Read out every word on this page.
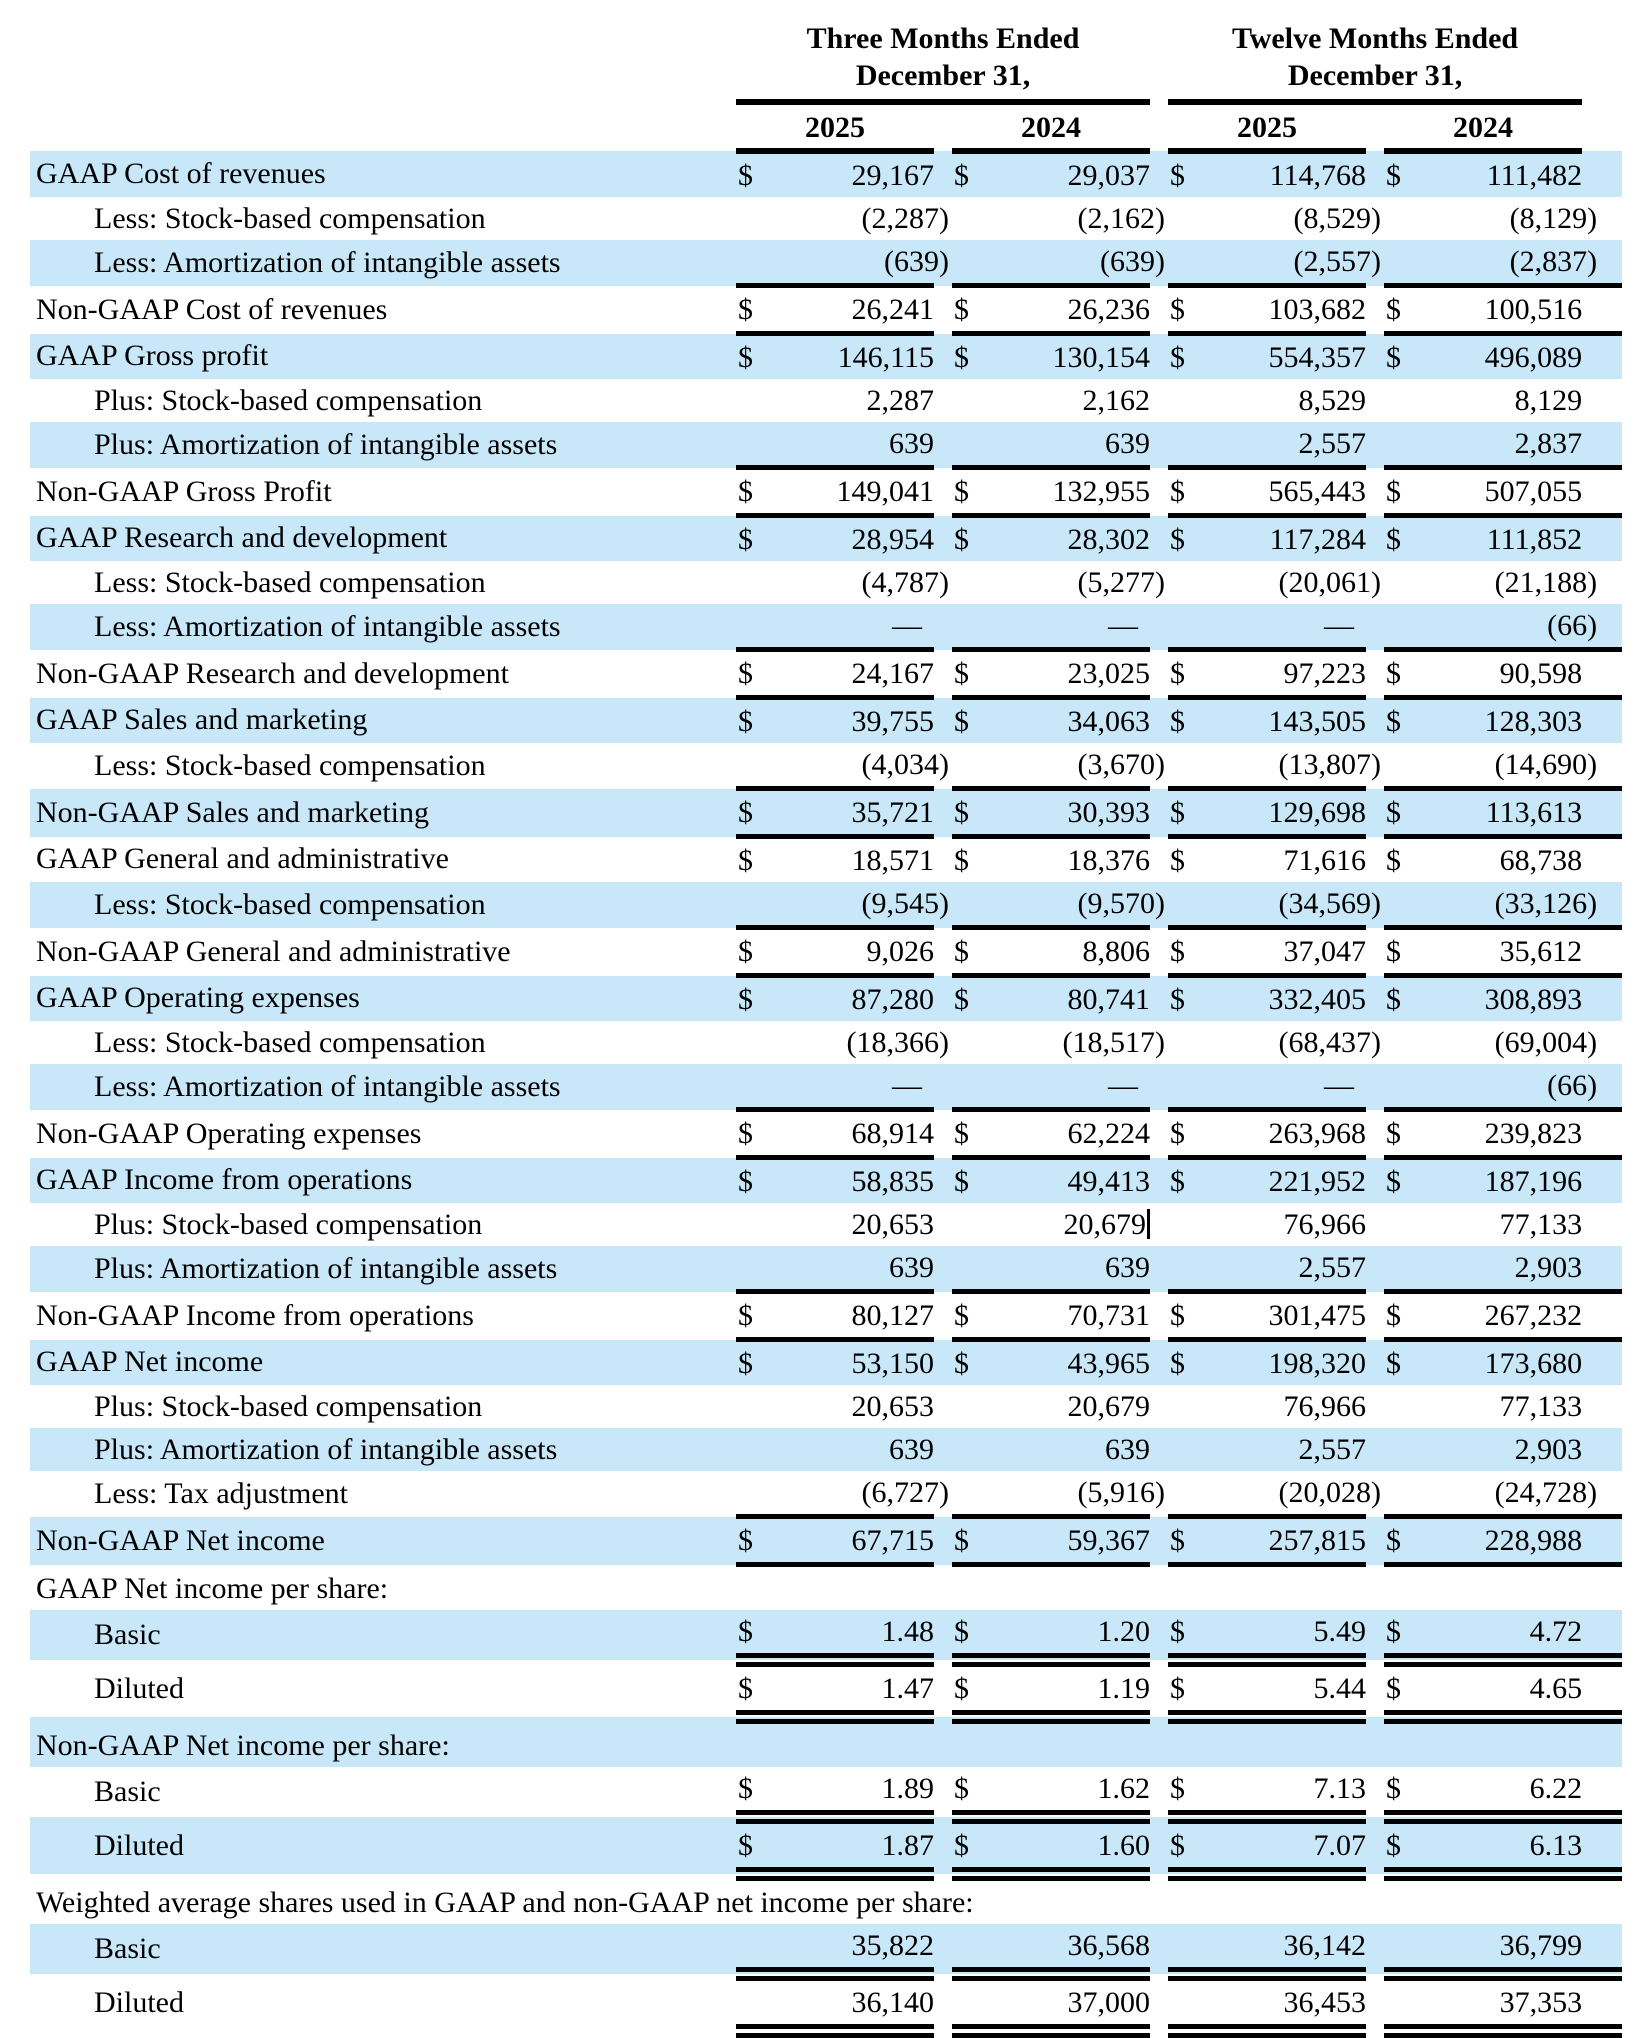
	Three Months Ended
December 31,						Twelve Months Ended
December 31,					
	2025			2024			2025			2024		
GAAP Cost of revenues	$	29,167		$	29,037		$	114,768		$	111,482	
Less: Stock-based compensation		(2,287)			(2,162)			(8,529)			(8,129)	
Less: Amortization of intangible assets		(639)			(639)			(2,557)			(2,837)	
Non-GAAP Cost of revenues	$	26,241		$	26,236		$	103,682		$	100,516	
GAAP Gross profit	$	146,115		$	130,154		$	554,357		$	496,089	
Plus: Stock-based compensation		2,287			2,162			8,529			8,129	
Plus: Amortization of intangible assets		639			639			2,557			2,837	
Non-GAAP Gross Profit	$	149,041		$	132,955		$	565,443		$	507,055	
GAAP Research and development	$	28,954		$	28,302		$	117,284		$	111,852	
Less: Stock-based compensation		(4,787)			(5,277)			(20,061)			(21,188)	
Less: Amortization of intangible assets		—			—			—			(66)	
Non-GAAP Research and development	$	24,167		$	23,025		$	97,223		$	90,598	
GAAP Sales and marketing	$	39,755		$	34,063		$	143,505		$	128,303	
Less: Stock-based compensation		(4,034)			(3,670)			(13,807)			(14,690)	
Non-GAAP Sales and marketing	$	35,721		$	30,393		$	129,698		$	113,613	
GAAP General and administrative	$	18,571		$	18,376		$	71,616		$	68,738	
Less: Stock-based compensation		(9,545)			(9,570)			(34,569)			(33,126)	
Non-GAAP General and administrative	$	9,026		$	8,806		$	37,047		$	35,612	
GAAP Operating expenses	$	87,280		$	80,741		$	332,405		$	308,893	
Less: Stock-based compensation		(18,366)			(18,517)			(68,437)			(69,004)	
Less: Amortization of intangible assets		—			—			—			(66)	
Non-GAAP Operating expenses	$	68,914		$	62,224		$	263,968		$	239,823	
GAAP Income from operations	$	58,835		$	49,413		$	221,952		$	187,196	
Plus: Stock-based compensation		20,653			20,679			76,966			77,133	
Plus: Amortization of intangible assets		639			639			2,557			2,903	
Non-GAAP Income from operations	$	80,127		$	70,731		$	301,475		$	267,232	
GAAP Net income	$	53,150		$	43,965		$	198,320		$	173,680	
Plus: Stock-based compensation		20,653			20,679			76,966			77,133	
Plus: Amortization of intangible assets		639			639			2,557			2,903	
Less: Tax adjustment		(6,727)			(5,916)			(20,028)			(24,728)	
Non-GAAP Net income	$	67,715		$	59,367		$	257,815		$	228,988	
GAAP Net income per share:												
Basic	$	1.48		$	1.20		$	5.49		$	4.72	
Diluted	$	1.47		$	1.19		$	5.44		$	4.65	
Non-GAAP Net income per share:												
Basic	$	1.89		$	1.62		$	7.13		$	6.22	
Diluted	$	1.87		$	1.60		$	7.07		$	6.13	
Weighted average shares used in GAAP and non-GAAP net income per share:												
Basic		35,822			36,568			36,142			36,799	
Diluted		36,140			37,000			36,453			37,353	
